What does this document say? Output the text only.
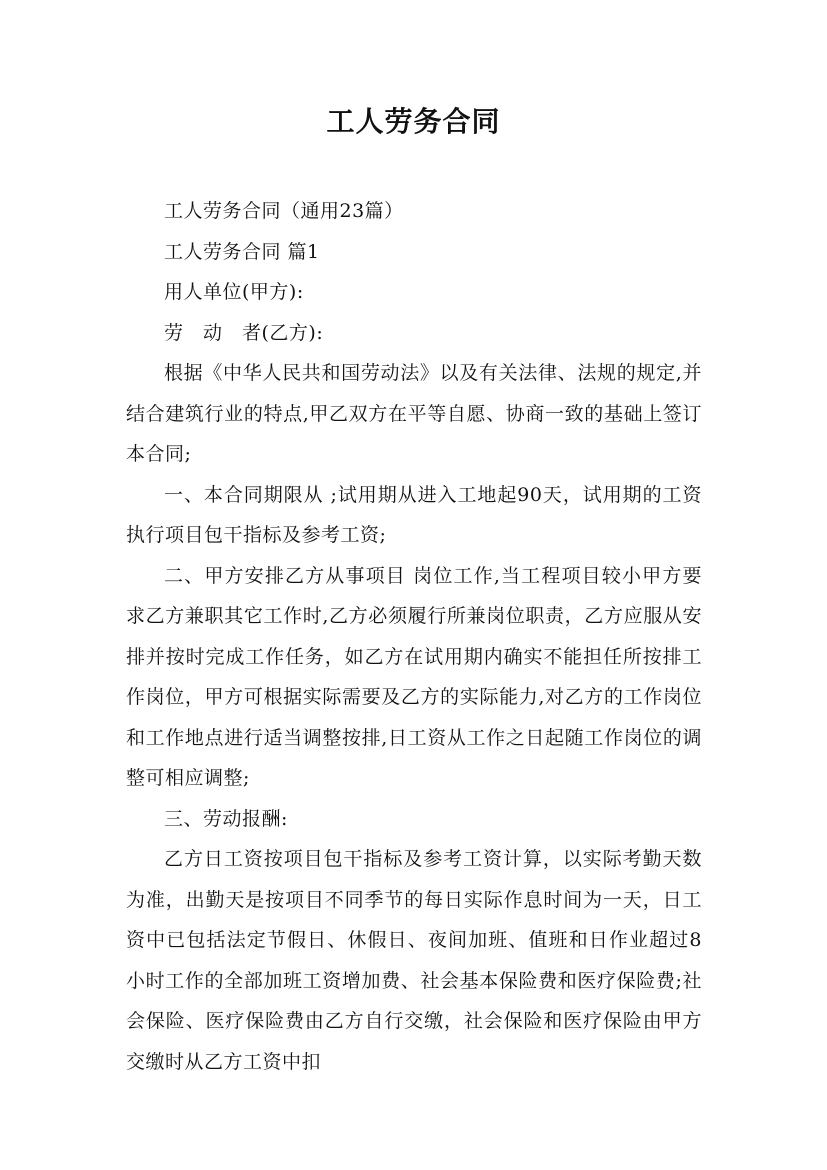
工人劳务合同

工人劳务合同（通用23篇）

工人劳务合同 篇1

用人单位(甲方):

劳　动　者(乙方):

根据《中华人民共和国劳动法》以及有关法律、法规的规定,并结合建筑行业的特点,甲乙双方在平等自愿、协商一致的基础上签订本合同;

一、本合同期限从 ;试用期从进入工地起90天，试用期的工资执行项目包干指标及参考工资;

二、甲方安排乙方从事项目 岗位工作,当工程项目较小甲方要求乙方兼职其它工作时,乙方必须履行所兼岗位职责，乙方应服从安排并按时完成工作任务，如乙方在试用期内确实不能担任所按排工作岗位，甲方可根据实际需要及乙方的实际能力,对乙方的工作岗位和工作地点进行适当调整按排,日工资从工作之日起随工作岗位的调整可相应调整;

三、劳动报酬:

乙方日工资按项目包干指标及参考工资计算，以实际考勤天数为准，出勤天是按项目不同季节的每日实际作息时间为一天，日工资中已包括法定节假日、休假日、夜间加班、值班和日作业超过8小时工作的全部加班工资增加费、社会基本保险费和医疗保险费;社会保险、医疗保险费由乙方自行交缴，社会保险和医疗保险由甲方交缴时从乙方工资中扣
